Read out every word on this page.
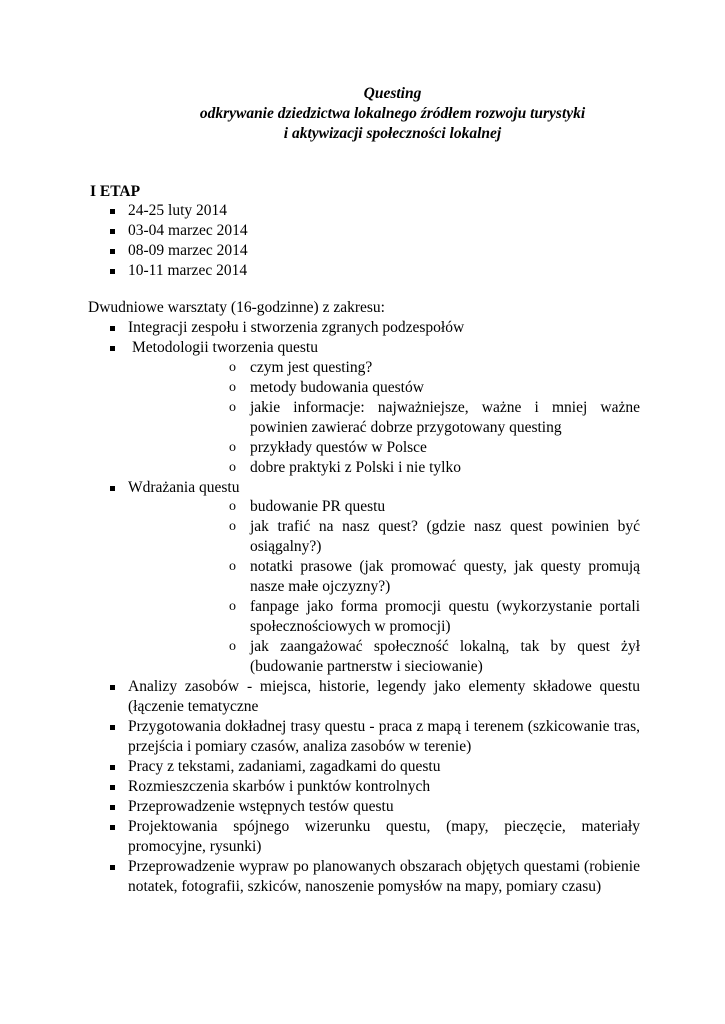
Questing
odkrywanie dziedzictwa lokalnego źródłem rozwoju turystyki
i aktywizacji społeczności lokalnej
I ETAP
24-25 luty 2014
03-04 marzec 2014
08-09 marzec 2014
10-11 marzec 2014
Dwudniowe warsztaty (16-godzinne) z zakresu:
Integracji zespołu i stworzenia zgranych podzespołów
Metodologii tworzenia questu
o czym jest questing?
o metody budowania questów
o jakie informacje: najważniejsze, ważne i mniej ważne powinien zawierać dobrze przygotowany questing
o przykłady questów w Polsce
o dobre praktyki z Polski i nie tylko
Wdrażania questu
o budowanie PR questu
o jak trafić na nasz quest? (gdzie nasz quest powinien być osiągalny?)
o notatki prasowe (jak promować questy, jak questy promują nasze małe ojczyzny?)
o fanpage jako forma promocji questu (wykorzystanie portali społecznościowych w promocji)
o jak zaangażować społeczność lokalną, tak by quest żył (budowanie partnerstw i sieciowanie)
Analizy zasobów - miejsca, historie, legendy jako elementy składowe questu (łączenie tematyczne
Przygotowania dokładnej trasy questu - praca z mapą i terenem (szkicowanie tras, przejścia i pomiary czasów, analiza zasobów w terenie)
Pracy z tekstami, zadaniami, zagadkami do questu
Rozmieszczenia skarbów i punktów kontrolnych
Przeprowadzenie wstępnych testów questu
Projektowania spójnego wizerunku questu, (mapy, pieczęcie, materiały promocyjne, rysunki)
Przeprowadzenie wypraw po planowanych obszarach objętych questami (robienie notatek, fotografii, szkiców, nanoszenie pomysłów na mapy, pomiary czasu)
